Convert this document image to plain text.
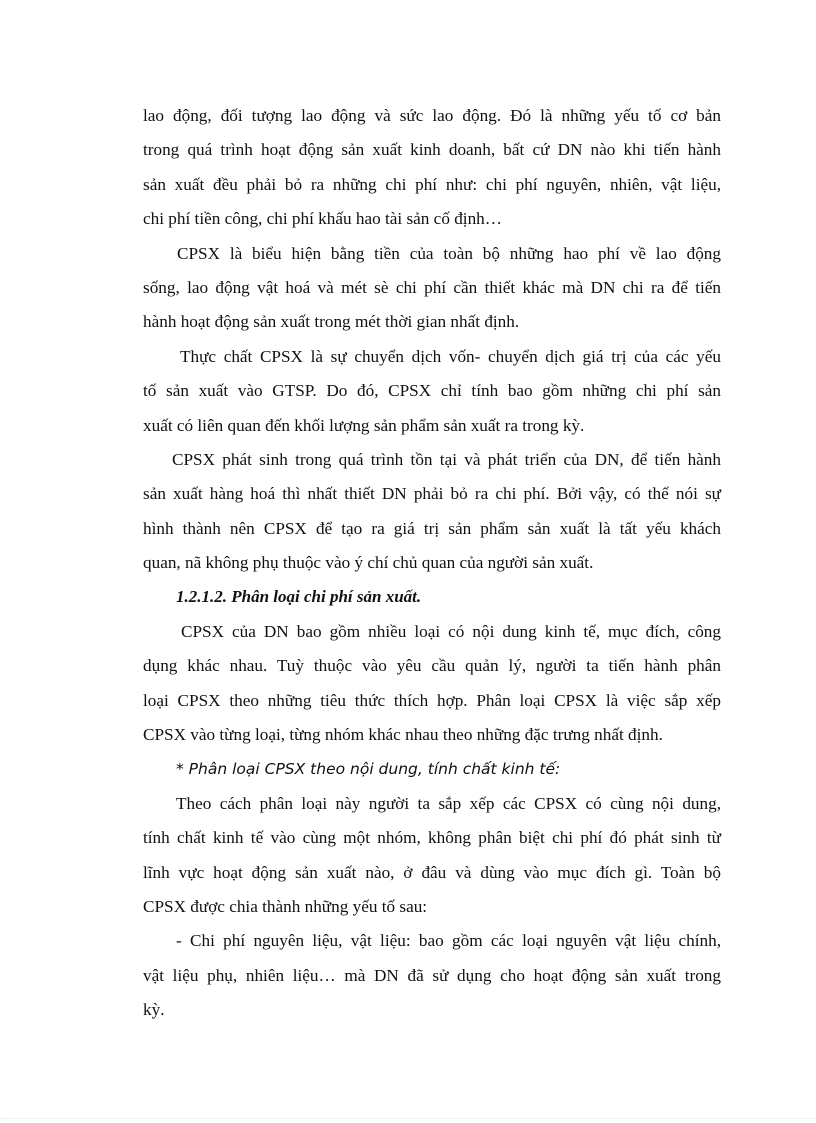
lao động, đối tượng lao động và sức lao động. Đó là những yếu tố cơ bản
trong quá trình hoạt động sản xuất kinh doanh, bất cứ DN nào khi tiến hành
sản xuất đều phải bỏ ra những chi phí như: chi phí nguyên, nhiên, vật liệu,
chi phí tiền công, chi phí khấu hao tài sản cố định…
CPSX là biểu hiện bằng tiền của toàn bộ những hao phí về lao động
sống, lao động vật hoá và mét sè chi phí cần thiết khác mà DN chi ra để tiến
hành hoạt động sản xuất trong mét thời gian nhất định.
Thực chất CPSX là sự chuyển dịch vốn- chuyển dịch giá trị của các yếu
tố sản xuất vào GTSP. Do đó, CPSX chỉ tính bao gồm những chi phí sản
xuất có liên quan đến khối lượng sản phẩm sản xuất ra trong kỳ.
CPSX phát sinh trong quá trình tồn tại và phát triển của DN, để tiến hành
sản xuất hàng hoá thì nhất thiết DN phải bỏ ra chi phí. Bởi vậy, có thể nói sự
hình thành nên CPSX để tạo ra giá trị sản phẩm sản xuất là tất yếu khách
quan, nã không phụ thuộc vào ý chí chủ quan của người sản xuất.
1.2.1.2. Phân loại chi phí sản xuất.
CPSX của DN bao gồm nhiều loại có nội dung kinh tế, mục đích, công
dụng khác nhau. Tuỳ thuộc vào yêu cầu quản lý, người ta tiến hành phân
loại CPSX theo những tiêu thức thích hợp. Phân loại CPSX là việc sắp xếp
CPSX vào từng loại, từng nhóm khác nhau theo những đặc trưng nhất định.
* Phân loại CPSX theo nội dung, tính chất kinh tế:
Theo cách phân loại này người ta sắp xếp các CPSX có cùng nội dung,
tính chất kinh tế vào cùng một nhóm, không phân biệt chi phí đó phát sinh từ
lĩnh vực hoạt động sản xuất nào, ở đâu và dùng vào mục đích gì. Toàn bộ
CPSX được chia thành những yếu tố sau:
- Chi phí nguyên liệu, vật liệu: bao gồm các loại nguyên vật liệu chính,
vật liệu phụ, nhiên liệu… mà DN đã sử dụng cho hoạt động sản xuất trong
kỳ.
